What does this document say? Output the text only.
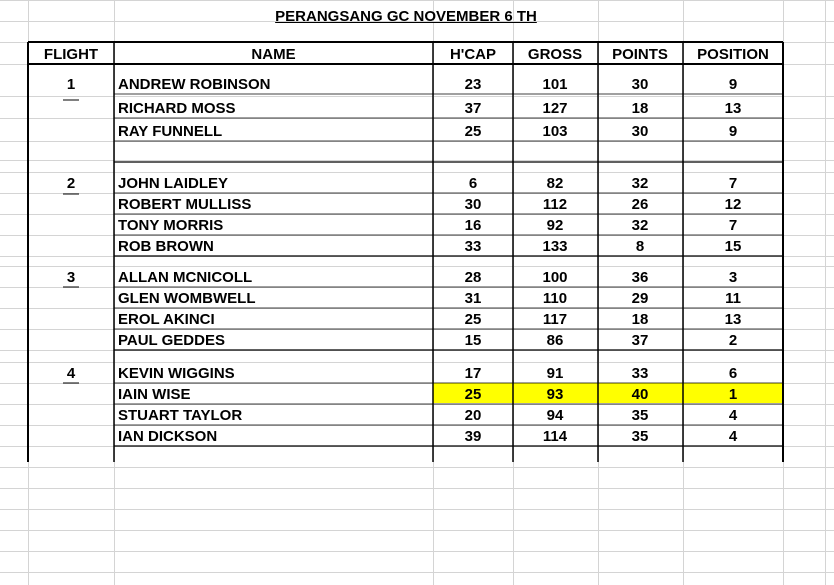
FLIGHT	NAME	H'CAP GROSS POINTS POSITION
1	ANDREW ROBINSON	23	101	30	9
RICHARD MOSS	37	127	18	13
RAY FUNNELL	25	103	30	9
2	JOHN LAIDLEY	6	82	32	7
ROBERT MULLISS	30	112	26	12
TONY MORRIS	16	92	32	7
ROB BROWN	33	133	8	15
3	ALLAN MCNICOLL	28	100	36	3
GLEN WOMBWELL	31	110	29	11
EROL AKINCI	25	117	18	13
PAUL GEDDES	15	86	37	2
4	KEVIN WIGGINS	17	91	33	6
IAIN WISE	25	93	40	1
STUART TAYLOR	20	94	35	4
IAN DICKSON	39	114	35	4
PERANGSANG GC NOVEMBER 6 TH
